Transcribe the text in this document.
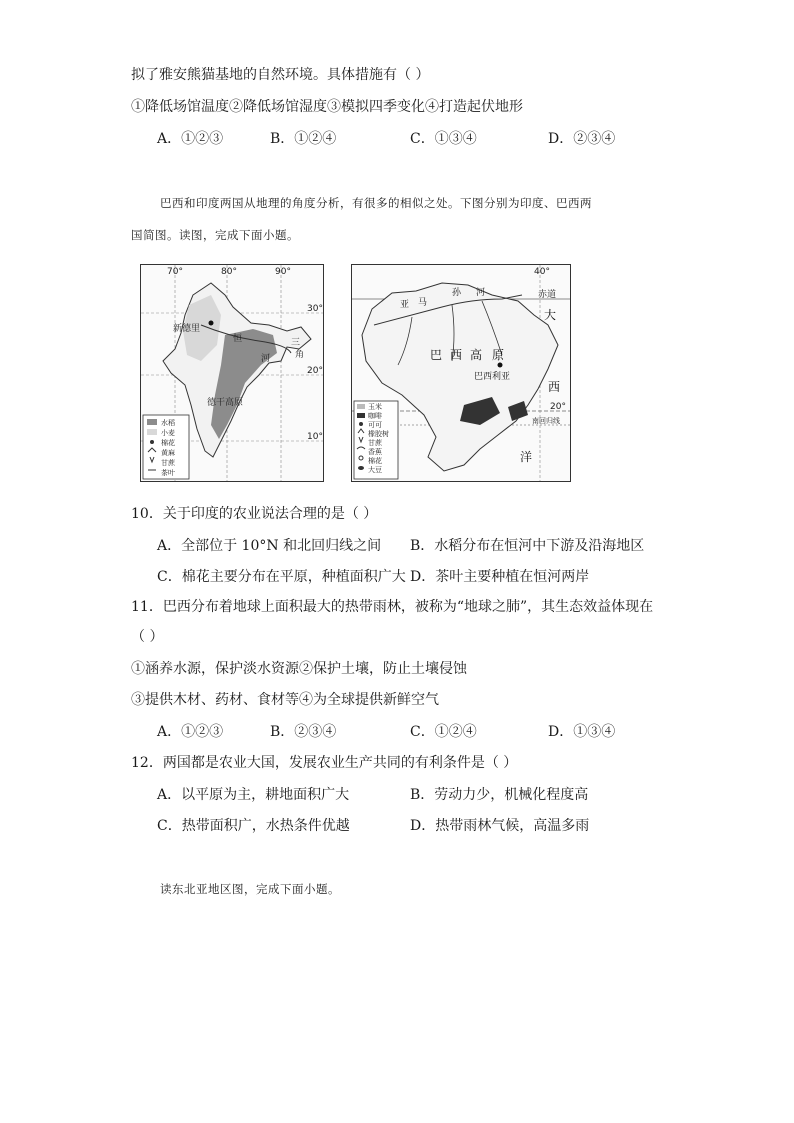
拟了雅安熊猫基地的自然环境。具体措施有（ ）
①降低场馆温度②降低场馆湿度③模拟四季变化④打造起伏地形
A．①②③	B．①②④	C．①③④	D．②③④
巴西和印度两国从地理的角度分析，有很多的相似之处。下图分别为印度、巴西两
国简图。读图，完成下面小题。
70°	80°	90°
30°
20°
10°
新德里
恒
河
德干高原
三
角
水稻
小麦
棉花
黄麻
甘蔗
茶叶
40°
赤道
20°
南回归线
亚 马
孙 河
巴 西 高 原
巴西利亚
大
西
洋
玉米
咖啡
可可
橡胶树
甘蔗
香蕉
棉花
大豆
10．关于印度的农业说法合理的是（ ）
A．全部位于 10°N 和北回归线之间 B．水稻分布在恒河中下游及沿海地区
C．棉花主要分布在平原，种植面积广大 D．茶叶主要种植在恒河两岸
11．巴西分布着地球上面积最大的热带雨林，被称为“地球之肺”，其生态效益体现在
（ ）
①涵养水源，保护淡水资源②保护土壤，防止土壤侵蚀
③提供木材、药材、食材等④为全球提供新鲜空气
A．①②③	B．②③④	C．①②④	D．①③④
12．两国都是农业大国，发展农业生产共同的有利条件是（ ）
A．以平原为主，耕地面积广大	B．劳动力少，机械化程度高
C．热带面积广，水热条件优越	D．热带雨林气候，高温多雨
读东北亚地区图，完成下面小题。
